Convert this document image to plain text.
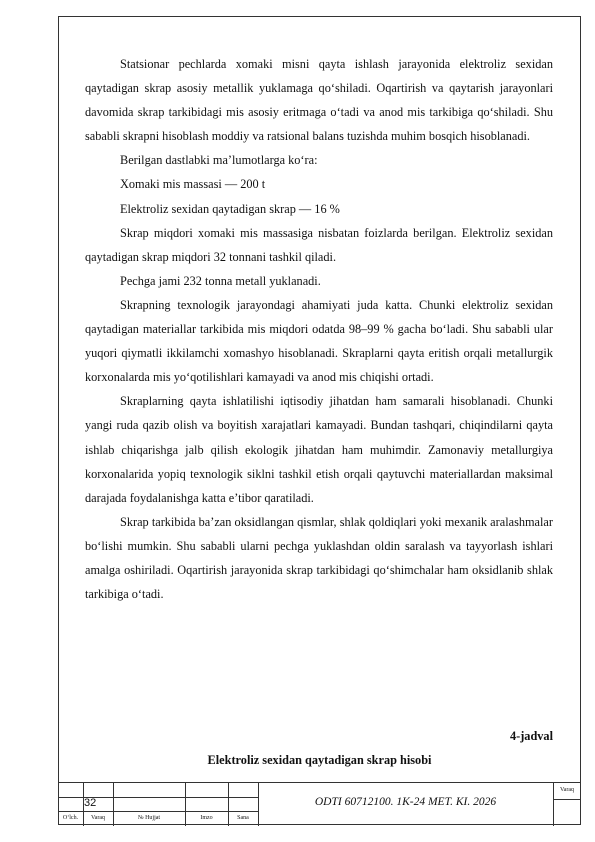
Statsionar pechlarda xomaki misni qayta ishlash jarayonida elektroliz sexidan qaytadigan skrap asosiy metallik yuklamaga qo‘shiladi. Oqartirish va qaytarish jarayonlari davomida skrap tarkibidagi mis asosiy eritmaga o‘tadi va anod mis tarkibiga qo‘shiladi. Shu sababli skrapni hisoblash moddiy va ratsional balans tuzishda muhim bosqich hisoblanadi.

Berilgan dastlabki ma’lumotlarga ko‘ra:

Xomaki mis massasi — 200 t

Elektroliz sexidan qaytadigan skrap — 16 %

Skrap miqdori xomaki mis massasiga nisbatan foizlarda berilgan. Elektroliz sexidan qaytadigan skrap miqdori 32 tonnani tashkil qiladi.

Pechga jami 232 tonna metall yuklanadi.

Skrapning texnologik jarayondagi ahamiyati juda katta. Chunki elektroliz sexidan qaytadigan materiallar tarkibida mis miqdori odatda 98–99 % gacha bo‘ladi. Shu sababli ular yuqori qiymatli ikkilamchi xomashyo hisoblanadi. Skraplarni qayta eritish orqali metallurgik korxonalarda mis yo‘qotilishlari kamayadi va anod mis chiqishi ortadi.

Skraplarning qayta ishlatilishi iqtisodiy jihatdan ham samarali hisoblanadi. Chunki yangi ruda qazib olish va boyitish xarajatlari kamayadi. Bundan tashqari, chiqindilarni qayta ishlab chiqarishga jalb qilish ekologik jihatdan ham muhimdir. Zamonaviy metallurgiya korxonalarida yopiq texnologik siklni tashkil etish orqali qaytuvchi materiallardan maksimal darajada foydalanishga katta e’tibor qaratiladi.

Skrap tarkibida ba’zan oksidlangan qismlar, shlak qoldiqlari yoki mexanik aralashmalar bo‘lishi mumkin. Shu sababli ularni pechga yuklashdan oldin saralash va tayyorlash ishlari amalga oshiriladi. Oqartirish jarayonida skrap tarkibidagi qo‘shimchalar ham oksidlanib shlak tarkibiga o‘tadi.

4-jadval
Elektroliz sexidan qaytadigan skrap hisobi
32	ODTI 60712100. 1K-24 MET. KI. 2026
Varaq
O‘lch.	Varaq	№ Hujjat	Imzo	Sana
